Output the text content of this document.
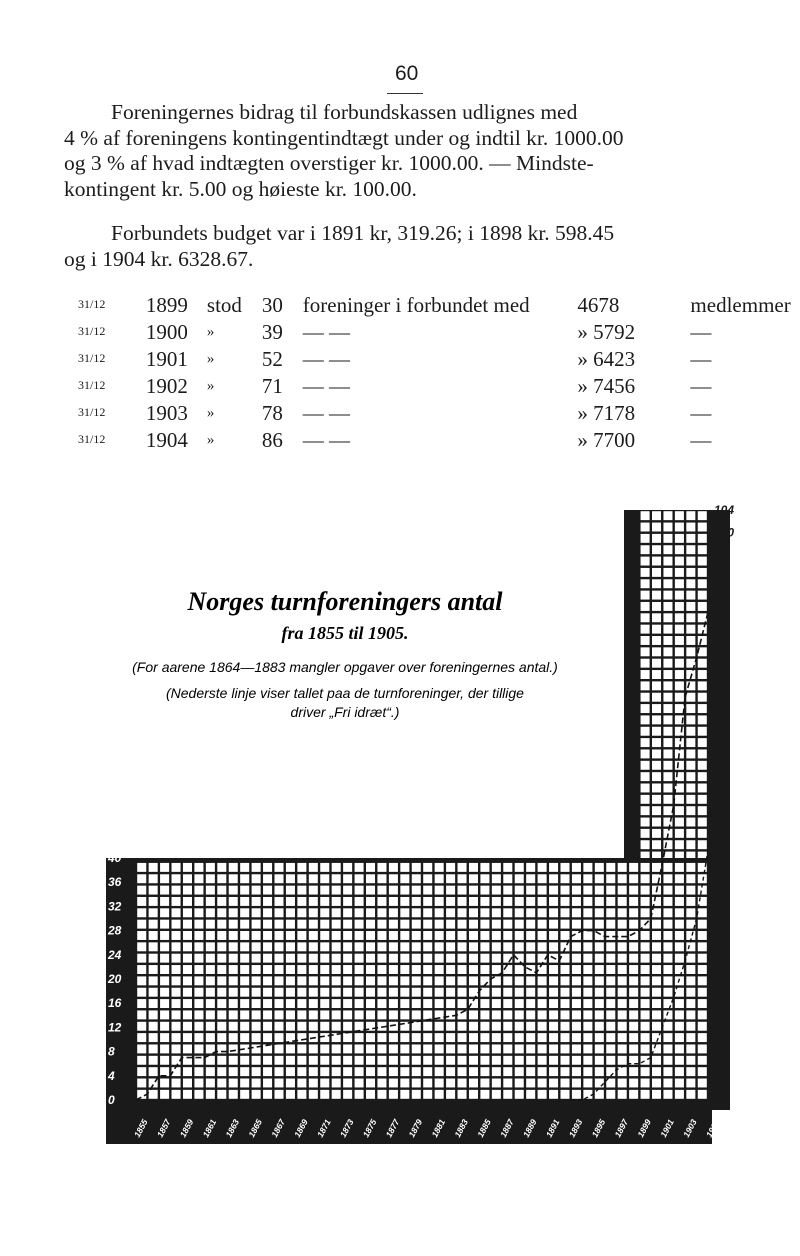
60
Foreningernes bidrag til forbundskassen udlignes med
4 % af foreningens kontingentindtægt under og indtil kr. 1000.00
og 3 % af hvad indtægten overstiger kr. 1000.00. — Mindste-
kontingent kr. 5.00 og høieste kr. 100.00.
Forbundets budget var i 1891 kr, 319.26; i 1898 kr. 598.45
og i 1904 kr. 6328.67.
31/12	1899	stod	30	foreninger i forbundet med	4678	medlemmer
31/12	1900	»	39	— —	» 5792	—
31/12	1901	»	52	— —	» 6423	—
31/12	1902	»	71	— —	» 7456	—
31/12	1903	»	78	— —	» 7178	—
31/12	1904	»	86	— —	» 7700	—
104
100
96
92
88
84
80
76
72
68
64
60
56
52
48
44
40
36
32
28
24
20
16
12
8
4
0
40
36
32
28
24
20
16
12
8
4
0
1855 1857 1859 1861 1863 1865 1867 1869 1871 1873 1875 1877 1879 1881 1883 1885 1887 1889 1891 1893 1895 1897 1899 1901 1903 1905
Norges turnforeningers antal
fra 1855 til 1905.
(For aarene 1864—1883 mangler opgaver over foreningernes antal.)
(Nederste linje viser tallet paa de turnforeninger, der tillige
driver „Fri idræt“.)
